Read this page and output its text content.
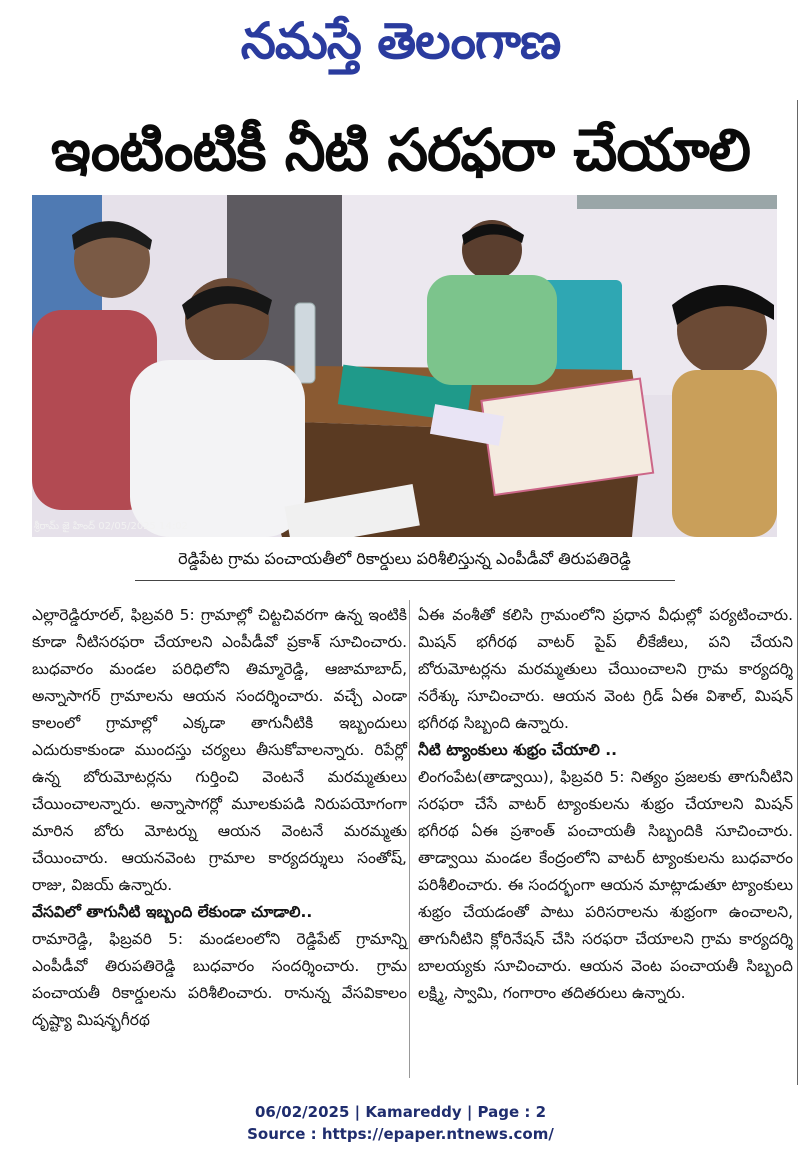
నమస్తే తెలంగాణ
ఇంటింటికీ నీటి సరఫరా చేయాలి
శ్రీరామ్ జై హింద్ 02/05/2025 14:02
రెడ్డిపేట గ్రామ పంచాయతీలో రికార్డులు పరిశీలిస్తున్న ఎంపీడీవో తిరుపతిరెడ్డి

ఎల్లారెడ్డిరూరల్, ఫిబ్రవరి 5: గ్రామాల్లో చిట్టచివరగా ఉన్న ఇంటికి కూడా నీటిసరఫరా చేయాలని ఎంపీడీవో ప్రకాశ్ సూచించారు. బుధవారం మండల పరిధిలోని తిమ్మారెడ్డి, ఆజామాబాద్, అన్నాసాగర్ గ్రామాలను ఆయన సందర్శించారు. వచ్చే ఎండా కాలంలో గ్రామాల్లో ఎక్కడా తాగునీటికి ఇబ్బందులు ఎదురుకాకుండా ముందస్తు చర్యలు తీసుకోవాలన్నారు. రిపేర్లో ఉన్న బోరుమోటర్లను గుర్తించి వెంటనే మరమ్మతులు చేయించాలన్నారు. అన్నాసాగర్లో మూలకుపడి నిరుపయోగంగా మారిన బోరు మోటర్ను ఆయన వెంటనే మరమ్మతు చేయించారు. ఆయనవెంట గ్రామాల కార్యదర్శులు సంతోష్, రాజు, విజయ్ ఉన్నారు.

వేసవిలో తాగునీటి ఇబ్బంది లేకుండా చూడాలి..

రామారెడ్డి, ఫిబ్రవరి 5: మండలంలోని రెడ్డిపేట్ గ్రామాన్ని ఎంపీడీవో తిరుపతిరెడ్డి బుధవారం సందర్శించారు. గ్రామ పంచాయతీ రికార్డులను పరిశీలించారు. రానున్న వేసవికాలం దృష్ట్యా మిషన్భగీరథ

ఏఈ వంశీతో కలిసి గ్రామంలోని ప్రధాన వీధుల్లో పర్యటించారు. మిషన్ భగీరథ వాటర్ పైప్ లీకేజీలు, పని చేయని బోరుమోటర్లను మరమ్మతులు చేయించాలని గ్రామ కార్యదర్శి నరేశ్కు సూచించారు. ఆయన వెంట గ్రిడ్ ఏఈ విశాల్, మిషన్ భగీరథ సిబ్బంది ఉన్నారు.

నీటి ట్యాంకులు శుభ్రం చేయాలి ..

లింగంపేట(తాడ్వాయి), ఫిబ్రవరి 5: నిత్యం ప్రజలకు తాగునీటిని సరఫరా చేసే వాటర్ ట్యాంకులను శుభ్రం చేయాలని మిషన్ భగీరథ ఏఈ ప్రశాంత్ పంచాయతీ సిబ్బందికి సూచించారు. తాడ్వాయి మండల కేంద్రంలోని వాటర్ ట్యాంకులను బుధవారం పరిశీలించారు. ఈ సందర్భంగా ఆయన మాట్లాడుతూ ట్యాంకులు శుభ్రం చేయడంతో పాటు పరిసరాలను శుభ్రంగా ఉంచాలని, తాగునీటిని క్లోరినేషన్ చేసి సరఫరా చేయాలని గ్రామ కార్యదర్శి బాలయ్యకు సూచించారు. ఆయన వెంట పంచాయతీ సిబ్బంది లక్ష్మి, స్వామి, గంగారాం తదితరులు ఉన్నారు.

06/02/2025 | Kamareddy | Page : 2
Source : https://epaper.ntnews.com/
